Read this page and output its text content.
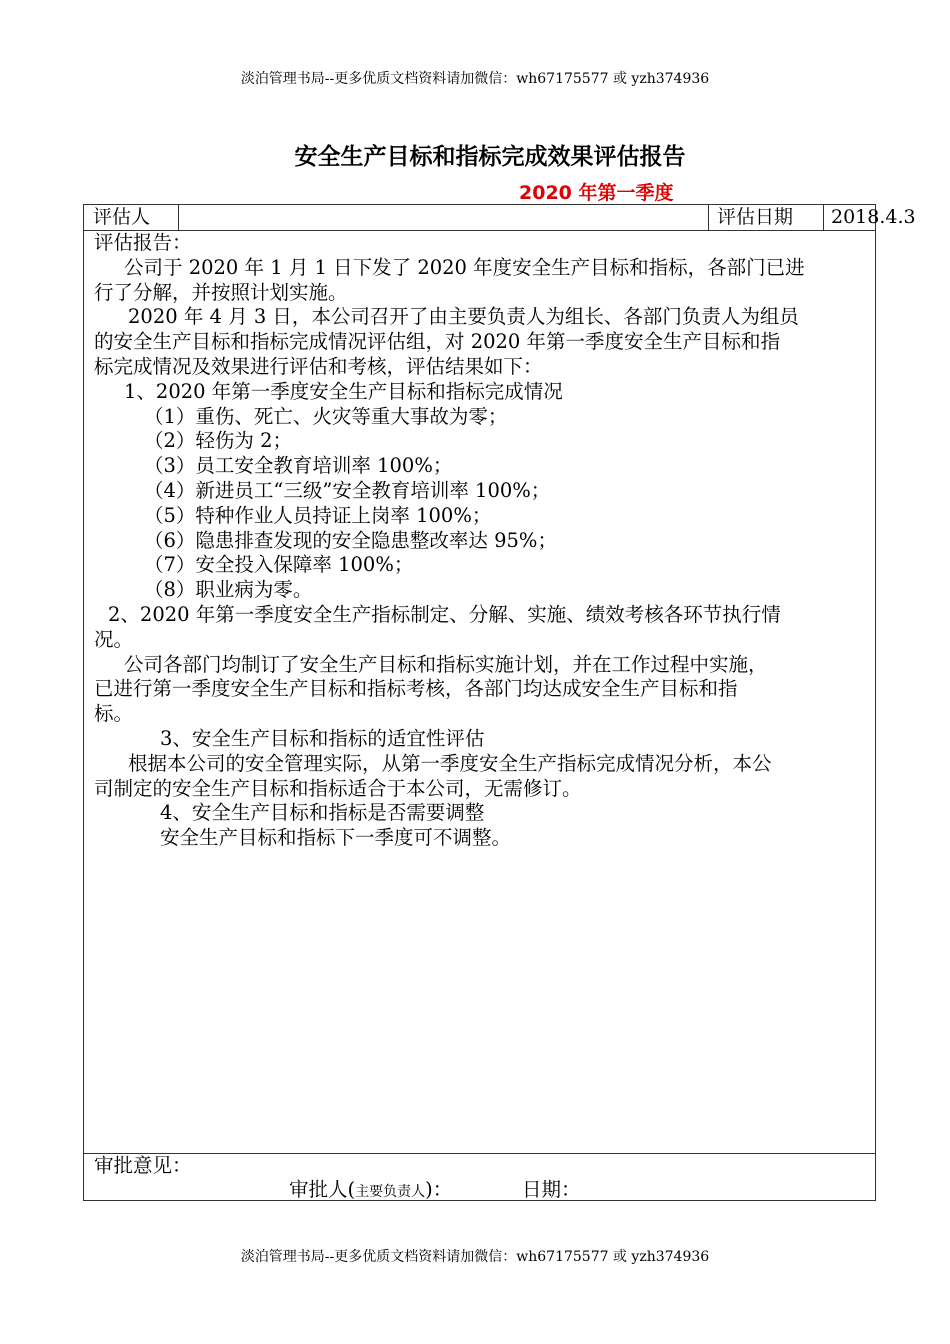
淡泊管理书局--更多优质文档资料请加微信：wh67175577 或 yzh374936
安全生产目标和指标完成效果评估报告
2020 年第一季度
评估人	评估日期	2018.4.3
评估报告：
公司于 2020 年 1 月 1 日下发了 2020 年度安全生产目标和指标，各部门已进
行了分解，并按照计划实施。
2020 年 4 月 3 日，本公司召开了由主要负责人为组长、各部门负责人为组员
的安全生产目标和指标完成情况评估组，对 2020 年第一季度安全生产目标和指
标完成情况及效果进行评估和考核，评估结果如下：
1、2020 年第一季度安全生产目标和指标完成情况
（1）重伤、死亡、火灾等重大事故为零；
（2）轻伤为 2；
（3）员工安全教育培训率 100%；
（4）新进员工“三级”安全教育培训率 100%；
（5）特种作业人员持证上岗率 100%；
（6）隐患排查发现的安全隐患整改率达 95%；
（7）安全投入保障率 100%；
（8）职业病为零。
2、2020 年第一季度安全生产指标制定、分解、实施、绩效考核各环节执行情
况。
公司各部门均制订了安全生产目标和指标实施计划，并在工作过程中实施，
已进行第一季度安全生产目标和指标考核，各部门均达成安全生产目标和指
标。
3、安全生产目标和指标的适宜性评估
根据本公司的安全管理实际，从第一季度安全生产指标完成情况分析，本公
司制定的安全生产目标和指标适合于本公司，无需修订。
4、安全生产目标和指标是否需要调整
安全生产目标和指标下一季度可不调整。
审批意见：
审批人(主要负责人)：	日期：
淡泊管理书局--更多优质文档资料请加微信：wh67175577 或 yzh374936
